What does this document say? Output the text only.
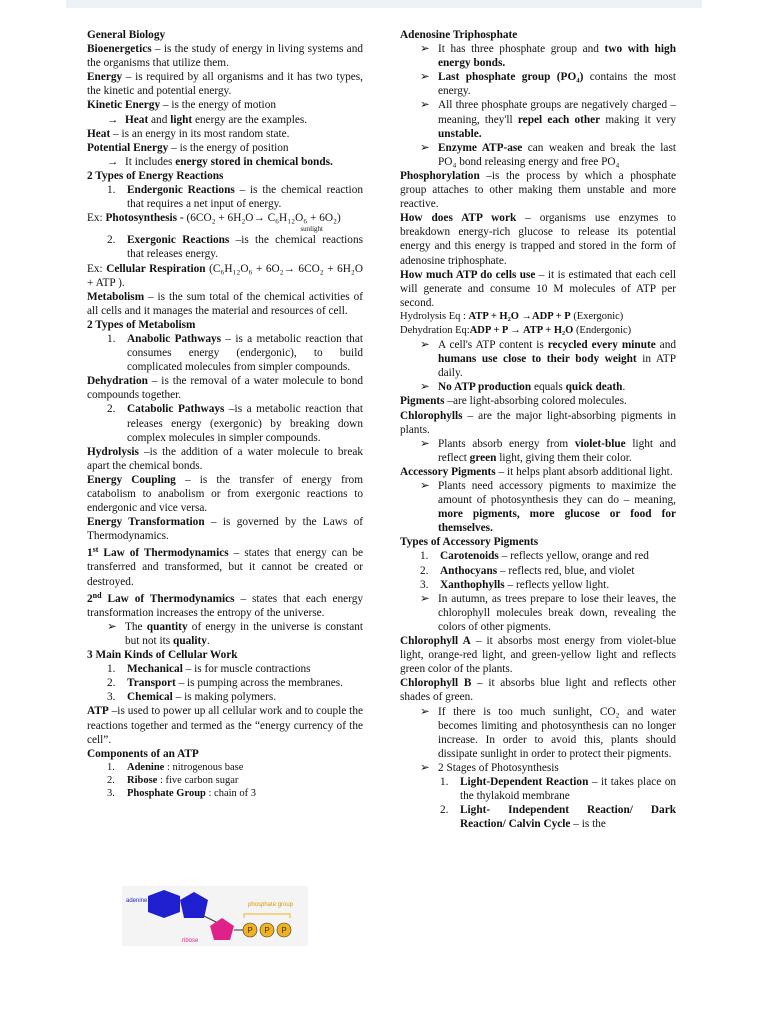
General Biology

Bioenergetics – is the study of energy in living systems and the organisms that utilize them.

Energy – is required by all organisms and it has two types, the kinetic and potential energy.

Kinetic Energy – is the energy of motion

→ Heat and light energy are the examples.

Heat – is an energy in its most random state.

Potential Energy – is the energy of position

→ It includes energy stored in chemical bonds.

2 Types of Energy Reactions

1. Endergonic Reactions – is the chemical reaction that requires a net input of energy.

Ex: Photosynthesis - (6CO₂ + 6H₂O→ C₆H₁₂O₆ + 6O₂)
sunlight

2. Exergonic Reactions –is the chemical reactions that releases energy.

Ex: Cellular Respiration (C₆H₁₂O₆ + 6O₂→ 6CO₂ + 6H₂O + ATP ).

Metabolism – is the sum total of the chemical activities of all cells and it manages the material and resources of cell.

2 Types of Metabolism

1. Anabolic Pathways – is a metabolic reaction that consumes energy (endergonic), to build complicated molecules from simpler compounds.

Dehydration – is the removal of a water molecule to bond compounds together.

2. Catabolic Pathways –is a metabolic reaction that releases energy (exergonic) by breaking down complex molecules in simpler compounds.

Hydrolysis –is the addition of a water molecule to break apart the chemical bonds.

Energy Coupling – is the transfer of energy from catabolism to anabolism or from exergonic reactions to endergonic and vice versa.

Energy Transformation – is governed by the Laws of Thermodynamics.

1st Law of Thermodynamics – states that energy can be transferred and transformed, but it cannot be created or destroyed.

2nd Law of Thermodynamics – states that each energy transformation increases the entropy of the universe.

➢ The quantity of energy in the universe is constant but not its quality.

3 Main Kinds of Cellular Work

1. Mechanical – is for muscle contractions

2. Transport – is pumping across the membranes.

3. Chemical – is making polymers.

ATP –is used to power up all cellular work and to couple the reactions together and termed as the “energy currency of the cell”.

Components of an ATP

1. Adenine : nitrogenous base

2. Ribose : five carbon sugar

3. Phosphate Group : chain of 3

P P P
adenine
ribose
phosphate group

Adenosine Triphosphate

➢ It has three phosphate group and two with high energy bonds.

➢ Last phosphate group (PO₄) contains the most energy.

➢ All three phosphate groups are negatively charged – meaning, they'll repel each other making it very unstable.

➢ Enzyme ATP-ase can weaken and break the last PO₄ bond releasing energy and free PO₄

Phosphorylation –is the process by which a phosphate group attaches to other making them unstable and more reactive.

How does ATP work – organisms use enzymes to breakdown energy-rich glucose to release its potential energy and this energy is trapped and stored in the form of adenosine triphosphate.

How much ATP do cells use – it is estimated that each cell will generate and consume 10 M molecules of ATP per second.

Hydrolysis Eq : ATP + H₂O →ADP + P (Exergonic)

Dehydration Eq:ADP + P → ATP + H₂O (Endergonic)

➢ A cell's ATP content is recycled every minute and humans use close to their body weight in ATP daily.

➢ No ATP production equals quick death.

Pigments –are light-absorbing colored molecules.

Chlorophylls – are the major light-absorbing pigments in plants.

➢ Plants absorb energy from violet-blue light and reflect green light, giving them their color.

Accessory Pigments – it helps plant absorb additional light.

➢ Plants need accessory pigments to maximize the amount of photosynthesis they can do – meaning, more pigments, more glucose or food for themselves.

Types of Accessory Pigments

1. Carotenoids – reflects yellow, orange and red

2. Anthocyans – reflects red, blue, and violet

3. Xanthophylls – reflects yellow light.

➢ In autumn, as trees prepare to lose their leaves, the chlorophyll molecules break down, revealing the colors of other pigments.

Chlorophyll A – it absorbs most energy from violet-blue light, orange-red light, and green-yellow light and reflects green color of the plants.

Chlorophyll B – it absorbs blue light and reflects other shades of green.

➢ If there is too much sunlight, CO₂ and water becomes limiting and photosynthesis can no longer increase. In order to avoid this, plants should dissipate sunlight in order to protect their pigments.

➢ 2 Stages of Photosynthesis

1. Light-Dependent Reaction – it takes place on the thylakoid membrane

2. Light- Independent Reaction/ Dark Reaction/ Calvin Cycle – is the
